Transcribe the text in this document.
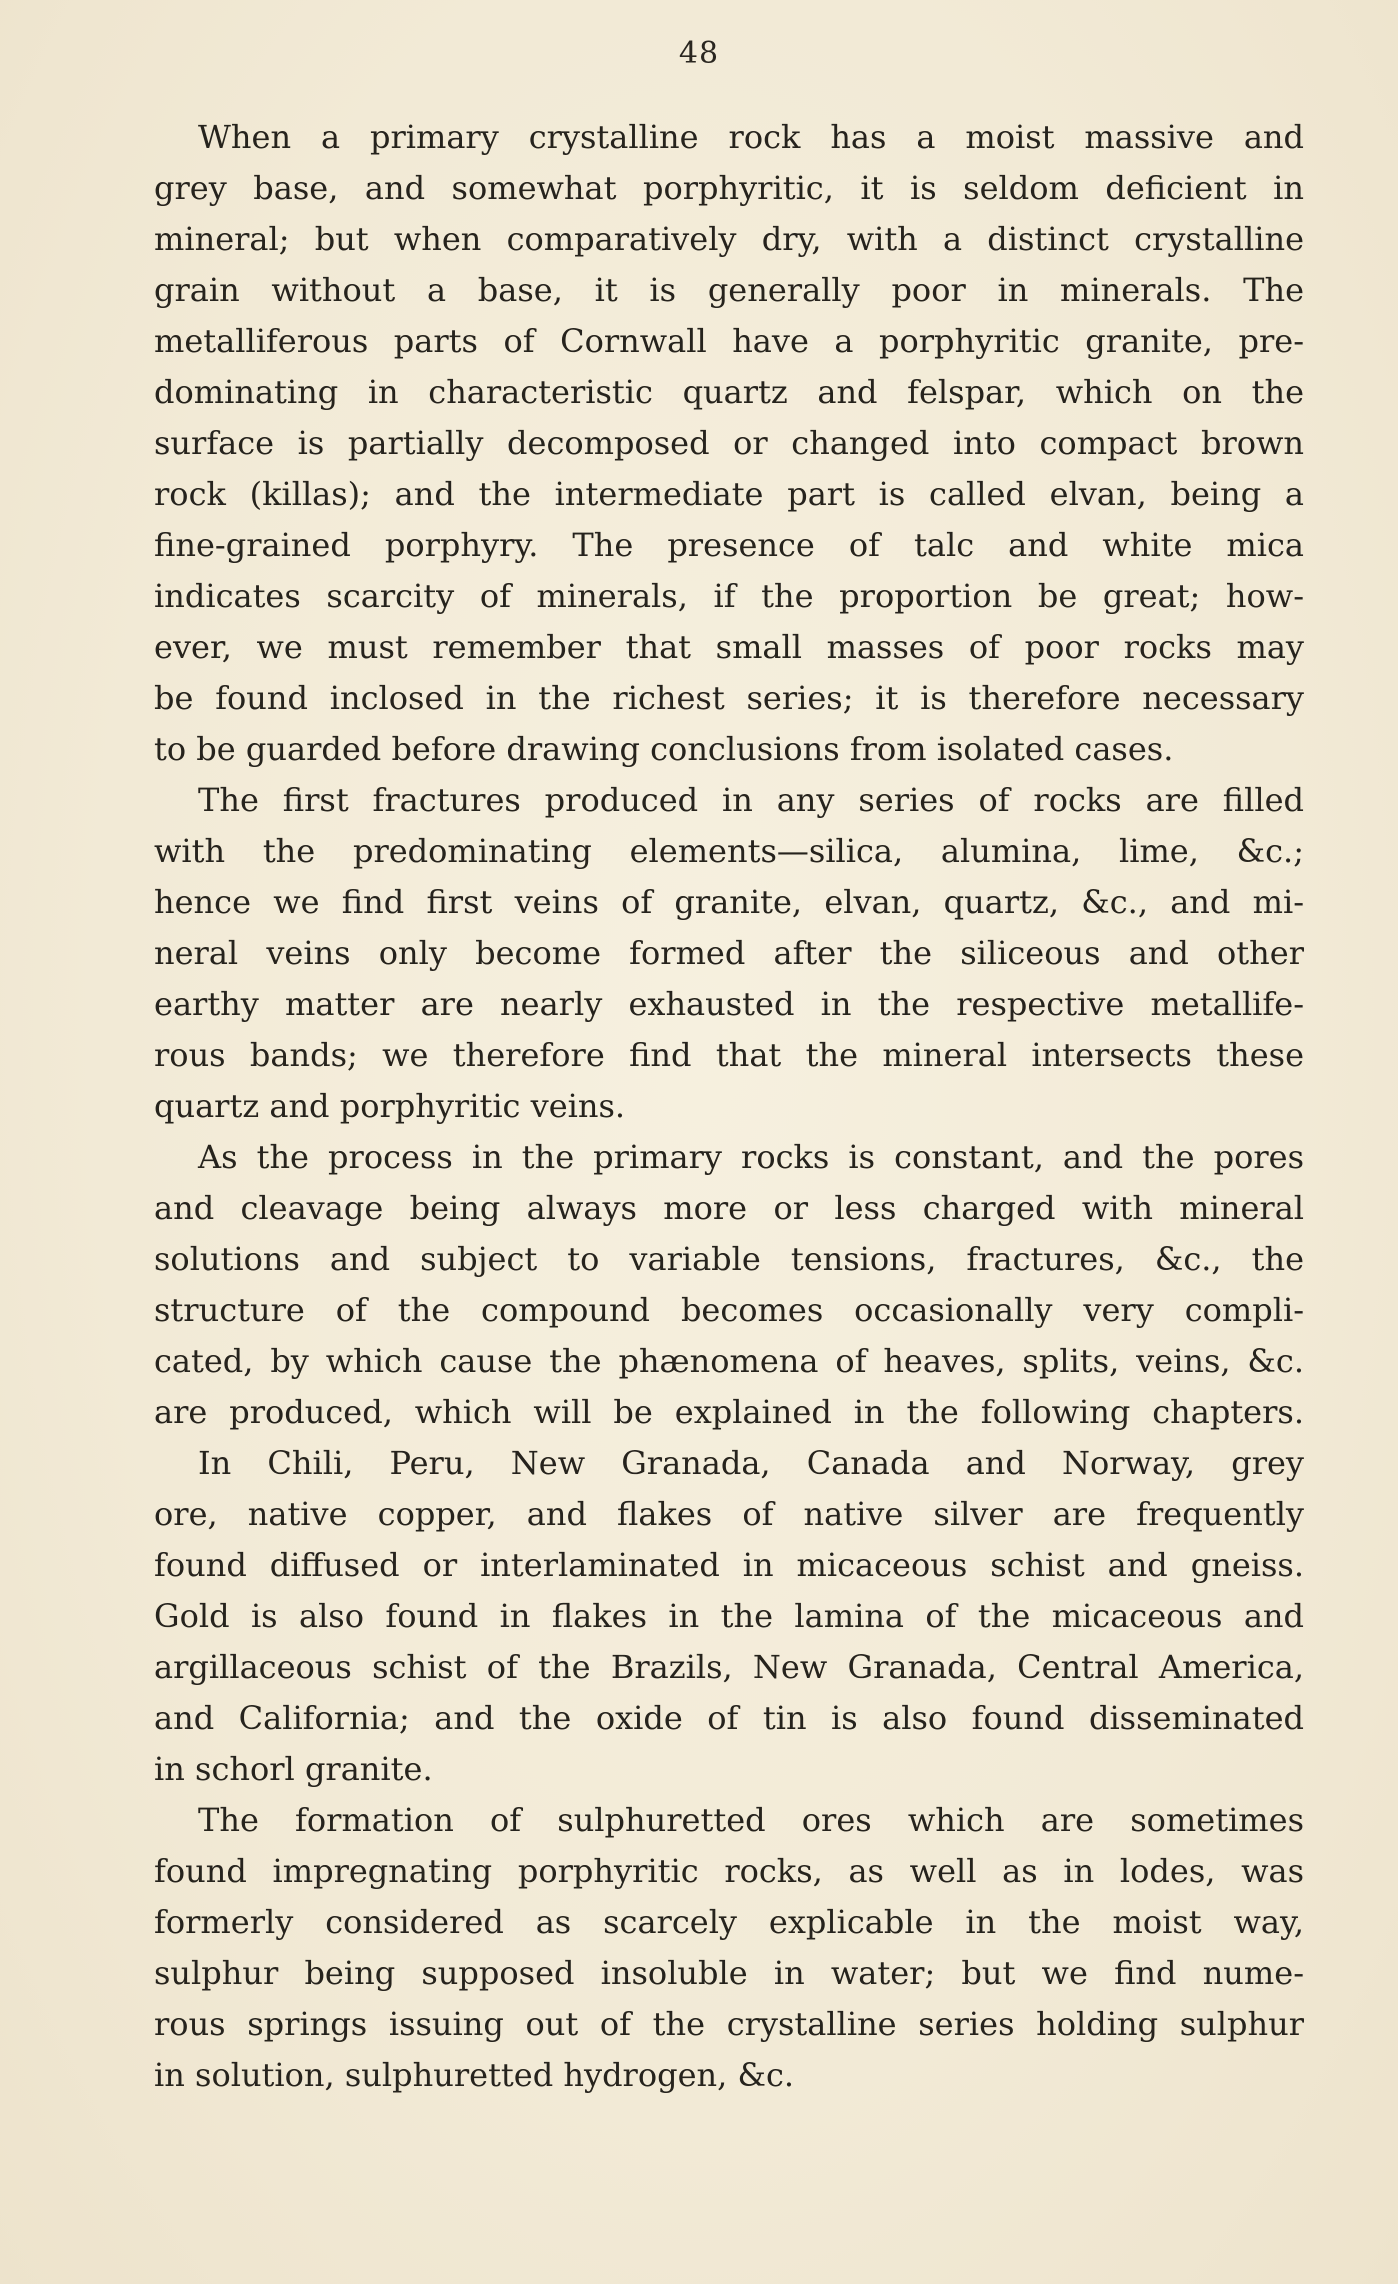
48
When a primary crystalline rock has a moist massive and
grey base, and somewhat porphyritic, it is seldom deficient in
mineral; but when comparatively dry, with a distinct crystalline
grain without a base, it is generally poor in minerals. The
metalliferous parts of Cornwall have a porphyritic granite, pre-
dominating in characteristic quartz and felspar, which on the
surface is partially decomposed or changed into compact brown
rock (killas); and the intermediate part is called elvan, being a
fine-grained porphyry. The presence of talc and white mica
indicates scarcity of minerals, if the proportion be great; how-
ever, we must remember that small masses of poor rocks may
be found inclosed in the richest series; it is therefore necessary
to be guarded before drawing conclusions from isolated cases.
The first fractures produced in any series of rocks are filled
with the predominating elements—silica, alumina, lime, &c.;
hence we find first veins of granite, elvan, quartz, &c., and mi-
neral veins only become formed after the siliceous and other
earthy matter are nearly exhausted in the respective metallife-
rous bands; we therefore find that the mineral intersects these
quartz and porphyritic veins.
As the process in the primary rocks is constant, and the pores
and cleavage being always more or less charged with mineral
solutions and subject to variable tensions, fractures, &c., the
structure of the compound becomes occasionally very compli-
cated, by which cause the phænomena of heaves, splits, veins, &c.
are produced, which will be explained in the following chapters.
In Chili, Peru, New Granada, Canada and Norway, grey
ore, native copper, and flakes of native silver are frequently
found diffused or interlaminated in micaceous schist and gneiss.
Gold is also found in flakes in the lamina of the micaceous and
argillaceous schist of the Brazils, New Granada, Central America,
and California; and the oxide of tin is also found disseminated
in schorl granite.
The formation of sulphuretted ores which are sometimes
found impregnating porphyritic rocks, as well as in lodes, was
formerly considered as scarcely explicable in the moist way,
sulphur being supposed insoluble in water; but we find nume-
rous springs issuing out of the crystalline series holding sulphur
in solution, sulphuretted hydrogen, &c.
